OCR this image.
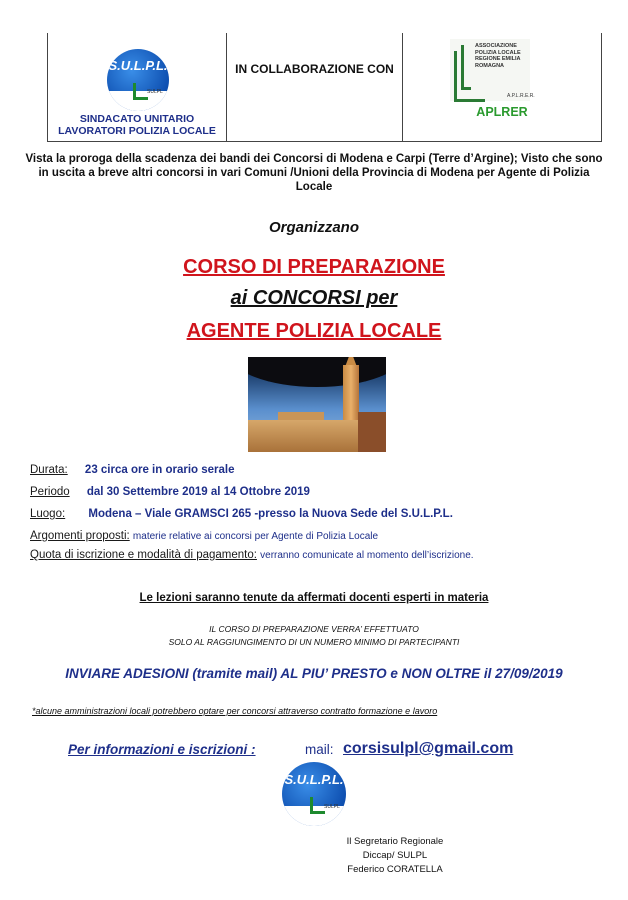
S.U.L.P.L.
SULPL
SINDACATO UNITARIO LAVORATORI POLIZIA LOCALE
IN COLLABORAZIONE CON
ASSOCIAZIONE POLIZIA LOCALE REGIONE EMILIA ROMAGNA
A.P.L.R.E.R.
APLRER
Vista la proroga della scadenza dei bandi dei Concorsi di Modena e Carpi (Terre d’Argine); Visto che sono in uscita a breve altri concorsi in vari Comuni /Unioni della Provincia di Modena per Agente di Polizia Locale
Organizzano
CORSO DI PREPARAZIONE
ai CONCORSI per
AGENTE POLIZIA LOCALE
Durata: 23 circa ore in orario serale
Periodo dal 30 Settembre 2019 al 14 Ottobre 2019
Luogo: Modena – Viale GRAMSCI 265 -presso la Nuova Sede del S.U.L.P.L.
Argomenti proposti: materie relative ai concorsi per Agente di Polizia Locale
Quota di iscrizione e modalità di pagamento: verranno comunicate al momento dell’iscrizione.
Le lezioni saranno tenute da affermati docenti esperti in materia
IL CORSO DI PREPARAZIONE VERRA’ EFFETTUATO
SOLO AL RAGGIUNGIMENTO DI UN NUMERO MINIMO DI PARTECIPANTI
INVIARE ADESIONI (tramite mail) AL PIU’ PRESTO e NON OLTRE il 27/09/2019
*alcune amministrazioni locali potrebbero optare per concorsi attraverso contratto formazione e lavoro
Per informazioni e iscrizioni :	mail: corsisulpl@gmail.com
S.U.L.P.L.
SULPL
Il Segretario Regionale
Diccap/ SULPL
Federico CORATELLA
